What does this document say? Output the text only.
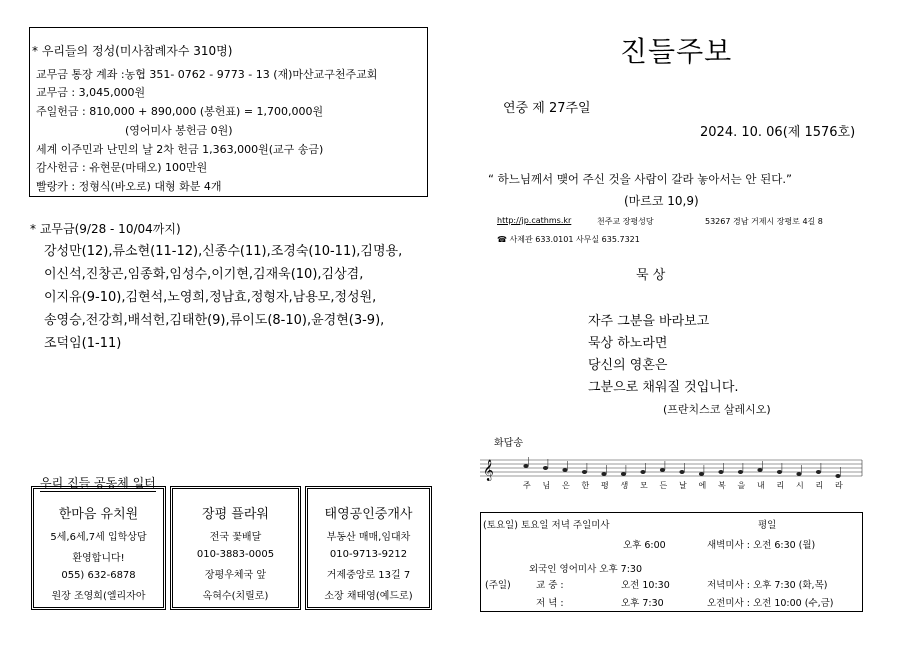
* 우리들의 정성(미사참례자수 310명)
교무금 통장 계좌 :농협 351- 0762 - 9773 - 13 (재)마산교구천주교회
교무금 : 3,045,000원
주일헌금 : 810,000 + 890,000 (봉헌표) = 1,700,000원
(영어미사 봉헌금 0원)
세계 이주민과 난민의 날 2차 헌금 1,363,000원(교구 송금)
감사헌금 : 유현문(마태오) 100만원
빨랑카 : 정형식(바오로) 대형 화분 4개
* 교무금(9/28 - 10/04까지)
강성만(12),류소현(11-12),신종수(11),조경숙(10-11),김명용,
이신석,진창곤,임종화,임성수,이기현,김재욱(10),김상겸,
이지유(9-10),김현석,노영희,정남효,정형자,남용모,정성원,
송영승,전강희,배석헌,김태한(9),류이도(8-10),윤경현(3-9),
조덕임(1-11)
우리 진들 공동체 일터
한마음 유치원
5세,6세,7세 입학상담
환영합니다!
055) 632-6878
원장 조영희(엘리자아
장평 플라워
전국 꽃배달
010-3883-0005
장평우체국 앞
옥혀수(치릴로)
태영공인중개사
부동산 매매,임대차
010-9713-9212
거제중앙로 13길 7
소장 채태영(예드로)
진들주보
연중 제 27주일
2024. 10. 06(제 1576호)
“ 하느님께서 맺어 주신 것을 사람이 갈라 놓아서는 안 된다.”
(마르코 10,9)
http://jp.cathms.kr	천주교 장평성당	53267 경남 거제시 장평로 4길 8
☎ 사제관 633.0101 사무실 635.7321
묵 상
자주 그분을 바라보고
묵상 하노라면
당신의 영혼은
그분으로 채워질 것입니다.
(프란치스코 살레시오)
화답송
𝄞
주 님 은 한 평 생 모 든 날 에 복 을 내 리 시 리 라
(토요일) 토요일 저녁 주일미사	평일
오후 6:00	새벽미사 : 오전 6:30 (월)
외국인 영어미사 오후 7:30
(주일)	교 중 :	오전 10:30	저녁미사 : 오후 7:30 (화,목)
저 녁 :	오후 7:30	오전미사 : 오전 10:00 (수,금)
